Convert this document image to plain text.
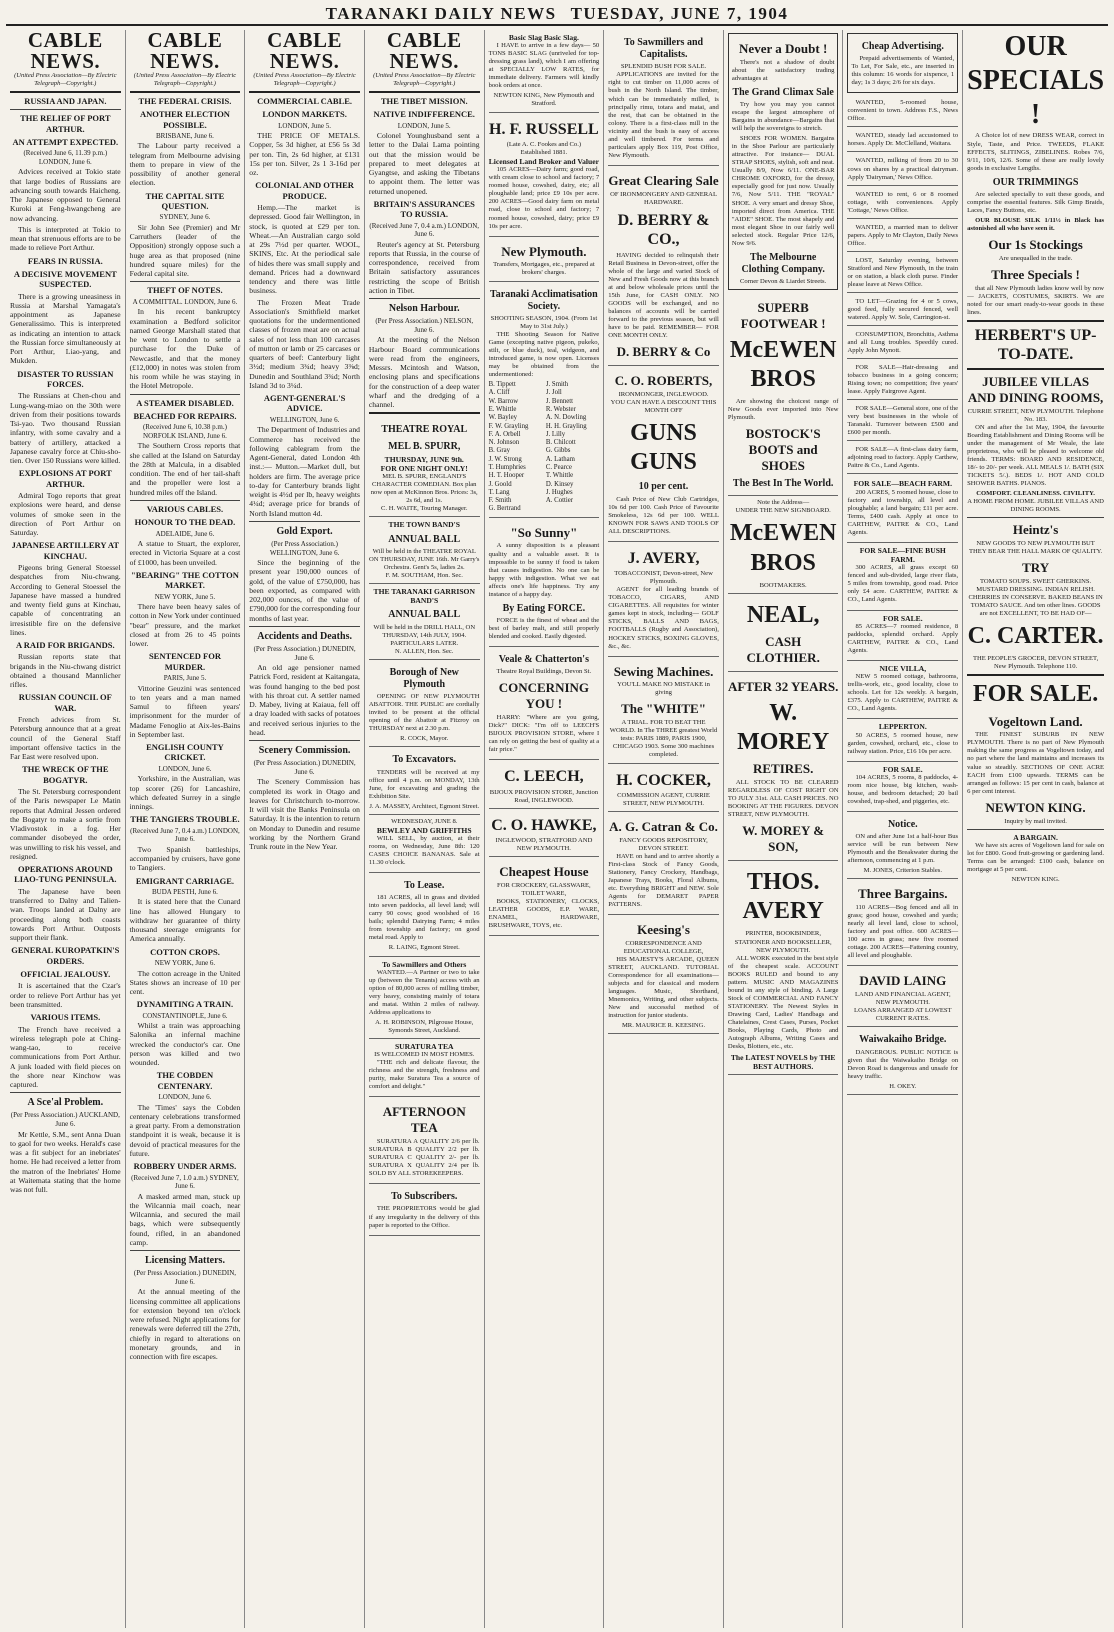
TARANAKI DAILY NEWS TUESDAY, JUNE 7, 1904
CABLE NEWS.
(United Press Association—By Electric Telegraph—Copyright.)
RUSSIA AND JAPAN.
THE RELIEF OF PORT ARTHUR.
AN ATTEMPT EXPECTED.
(Received June 6, 11.39 p.m.) LONDON, June 6.

Advices received at Tokio state that large bodies of Russians are advancing south towards Haicheng. The Japanese opposed to General Kuroki at Feng-hwangcheng are now advancing.

This is interpreted at Tokio to mean that strenuous efforts are to be made to relieve Port Arthur.

FEARS IN RUSSIA.
A DECISIVE MOVEMENT SUSPECTED.

There is a growing uneasiness in Russia at Marshal Yamagata's appointment as Japanese Generalissimo. This is interpreted as indicating an intention to attack the Russian force simultaneously at Port Arthur, Liao-yang, and Mukden.

DISASTER TO RUSSIAN FORCES.

The Russians at Chen-chou and Lung-wang-miao on the 30th were driven from their positions towards Tsi-yao. Two thousand Russian infantry, with some cavalry and a battery of artillery, attacked a Japanese cavalry force at Chiu-sho-tien. Over 150 Russians were killed.

EXPLOSIONS AT PORT ARTHUR.

Admiral Togo reports that great explosions were heard, and dense volumes of smoke seen in the direction of Port Arthur on Saturday.

JAPANESE ARTILLERY AT KINCHAU.

Pigeons bring General Stoessel despatches from Niu-chwang. According to General Stoessel the Japanese have massed a hundred and twenty field guns at Kinchau, capable of concentrating an irresistible fire on the defensive lines.

A RAID FOR BRIGANDS.

Russian reports state that brigands in the Niu-chwang district obtained a thousand Mannlicher rifles.

RUSSIAN COUNCIL OF WAR.

French advices from St. Petersburg announce that at a great council of the General Staff important offensive tactics in the Far East were resolved upon.

THE WRECK OF THE BOGATYR.

The St. Petersburg correspondent of the Paris newspaper Le Matin reports that Admiral Jessen ordered the Bogatyr to make a sortie from Vladivostok in a fog. Her commander disobeyed the order, was unwilling to risk his vessel, and resigned.

OPERATIONS AROUND LIAO-TUNG PENINSULA.

The Japanese have been transferred to Dalny and Talien-wan. Troops landed at Dalny are proceeding along both coasts towards Port Arthur. Outposts support their flank.

GENERAL KUROPATKIN'S ORDERS.
OFFICIAL JEALOUSY.

It is ascertained that the Czar's order to relieve Port Arthur has yet been transmitted.

VARIOUS ITEMS.

The French have received a wireless telegraph pole at Ching-wang-tao, to receive communications from Port Arthur. A junk loaded with field pieces on the shore near Kinchow was captured.

A Sce'al Problem.
(Per Press Association.) AUCKLAND, June 6.

Mr Kettle, S.M., sent Anna Duan to gaol for two weeks. Herald's case was a fit subject for an inebriates' home. He had received a letter from the matron of the Inebriates' Home at Waitemata stating that the home was not full.

CABLE NEWS.
(United Press Association—By Electric Telegraph—Copyright.)
THE FEDERAL CRISIS.
ANOTHER ELECTION POSSIBLE.
BRISBANE, June 6.

The Labour party received a telegram from Melbourne advising them to prepare in view of the possibility of another general election.

THE CAPITAL SITE QUESTION.
SYDNEY, June 6.

Sir John See (Premier) and Mr Carruthers (leader of the Opposition) strongly oppose such a huge area as that proposed (nine hundred square miles) for the Federal capital site.

THEFT OF NOTES.
A COMMITTAL. LONDON, June 6.

In his recent bankruptcy examination a Bedford solicitor named George Marshall stated that he went to London to settle a purchase for the Duke of Newcastle, and that the money (£12,000) in notes was stolen from his room while he was staying in the Hotel Metropole.

A STEAMER DISABLED.
BEACHED FOR REPAIRS.
(Received June 6, 10.38 p.m.) NORFOLK ISLAND, June 6.

The Southern Cross reports that she called at the Island on Saturday the 28th at Malcula, in a disabled condition. The end of her tail-shaft and the propeller were lost a hundred miles off the Island.

VARIOUS CABLES.
HONOUR TO THE DEAD.
ADELAIDE, June 6.

A statue to Stuart, the explorer, erected in Victoria Square at a cost of £1000, has been unveiled.

"BEARING" THE COTTON MARKET.
NEW YORK, June 5.

There have been heavy sales of cotton in New York under continued "bear" pressure, and the market closed at from 26 to 45 points lower.

SENTENCED FOR MURDER.
PARIS, June 5.

Vittorine Geuzini was sentenced to ten years and a man named Samul to fifteen years' imprisonment for the murder of Madame Fenoglio at Aix-les-Bains in September last.

ENGLISH COUNTY CRICKET.
LONDON, June 6.

Yorkshire, in the Australian, was top scorer (26) for Lancashire, which defeated Surrey in a single innings.

THE TANGIERS TROUBLE.
(Received June 7, 0.4 a.m.) LONDON, June 6.

Two Spanish battleships, accompanied by cruisers, have gone to Tangiers.

EMIGRANT CARRIAGE.
BUDA PESTH, June 6.

It is stated here that the Cunard line has allowed Hungary to withdraw her guarantee of thirty thousand steerage emigrants for America annually.

COTTON CROPS.
NEW YORK, June 6.

The cotton acreage in the United States shows an increase of 10 per cent.

DYNAMITING A TRAIN.
CONSTANTINOPLE, June 6.

Whilst a train was approaching Salonika an infernal machine wrecked the conductor's car. One person was killed and two wounded.

THE COBDEN CENTENARY.
LONDON, June 6.

The 'Times' says the Cobden centenary celebrations transformed a great party. From a demonstration standpoint it is weak, because it is devoid of practical measures for the future.

ROBBERY UNDER ARMS.
(Received June 7, 1.0 a.m.) SYDNEY, June 6.

A masked armed man, stuck up the Wilcannia mail coach, near Wilcannia, and secured the mail bags, which were subsequently found, rifled, in an abandoned camp.

Licensing Matters.
(Per Press Association.) DUNEDIN, June 6.

At the annual meeting of the licensing committee all applications for extension beyond ten o'clock were refused. Night applications for renewals were deferred till the 27th, chiefly in regard to alterations on monetary grounds, and in connection with fire escapes.

CABLE NEWS.
(United Press Association—By Electric Telegraph—Copyright.)
COMMERCIAL CABLE.
LONDON MARKETS.
LONDON, June 5.

THE PRICE OF METALS. Copper, 5s 3d higher, at £56 5s 3d per ton. Tin, 2s 6d higher, at £131 15s per ton. Silver, 2s 1 3-16d per oz.

COLONIAL AND OTHER PRODUCE.

Hemp.—The market is depressed. Good fair Wellington, in stock, is quoted at £29 per ton. Wheat.—An Australian cargo sold at 29s 7½d per quarter. WOOL, SKINS, Etc. At the periodical sale of hides there was small supply and demand. Prices had a downward tendency and there was little business.

The Frozen Meat Trade Association's Smithfield market quotations for the undermentioned classes of frozen meat are on actual sales of not less than 100 carcases of mutton or lamb or 25 carcases or quarters of beef: Canterbury light 3½d; medium 3¾d; heavy 3⅜d; Dunedin and Southland 3¾d; North Island 3d to 3¼d.

AGENT-GENERAL'S ADVICE.
WELLINGTON, June 6.

The Department of Industries and Commerce has received the following cablegram from the Agent-General, dated London 4th inst.:— Mutton.—Market dull, but holders are firm. The average price to-day for Canterbury brands light weight is 4½d per lb, heavy weights 4¼d; average price for brands of North Island mutton 4d.

Gold Export.
(Per Press Association.) WELLINGTON, June 6.

Since the beginning of the present year 190,000 ounces of gold, of the value of £750,000, has been exported, as compared with 202,000 ounces, of the value of £790,000 for the corresponding four months of last year.

Accidents and Deaths.
(Per Press Association.) DUNEDIN, June 6.

An old age pensioner named Patrick Ford, resident at Kaitangata, was found hanging to the bed post with his throat cut. A settler named D. Mabey, living at Kaiaua, fell off a dray loaded with sacks of potatoes and received serious injuries to the head.

Scenery Commission.
(Per Press Association.) DUNEDIN, June 6.

The Scenery Commission has completed its work in Otago and leaves for Christchurch to-morrow. It will visit the Banks Peninsula on Saturday. It is the intention to return on Monday to Dunedin and resume working by the Northern Grand Trunk route in the New Year.

CABLE NEWS.
(United Press Association—By Electric Telegraph—Copyright.)
THE TIBET MISSION.
NATIVE INDIFFERENCE.
LONDON, June 5.

Colonel Younghusband sent a letter to the Dalai Lama pointing out that the mission would be prepared to meet delegates at Gyangtse, and asking the Tibetans to appoint them. The letter was returned unopened.

BRITAIN'S ASSURANCES TO RUSSIA.
(Received June 7, 0.4 a.m.) LONDON, June 6.

Reuter's agency at St. Petersburg reports that Russia, in the course of correspondence, received from Britain satisfactory assurances restricting the scope of British action in Tibet.

Nelson Harbour.
(Per Press Association.) NELSON, June 6.

At the meeting of the Nelson Harbour Board communications were read from the engineers, Messrs. Mcintosh and Watson, enclosing plans and specifications for the construction of a deep water wharf and the dredging of a channel.

THEATRE ROYAL
MEL B. SPURR,
THURSDAY, JUNE 9th.
FOR ONE NIGHT ONLY!
MEL B. SPURR, ENGLAND'S CHARACTER COMEDIAN. Box plan now open at McKinnon Bros. Prices: 3s, 2s 6d, and 1s.
C. H. WAITE, Touring Manager.
THE TOWN BAND'S
ANNUAL BALL
Will be held in the THEATRE ROYAL ON THURSDAY, JUNE 16th. Mr Garry's Orchestra. Gent's 5s, ladies 2s.
F. M. SOUTHAM, Hon. Sec.
THE TARANAKI GARRISON BAND'S
ANNUAL BALL
Will be held in the DRILL HALL, ON THURSDAY, 14th JULY, 1904. PARTICULARS LATER.
N. ALLEN, Hon. Sec.
Borough of New Plymouth

OPENING OF NEW PLYMOUTH ABATTOIR. THE PUBLIC are cordially invited to be present at the official opening of the Abattoir at Fitzroy on THURSDAY next at 2.30 p.m.

R. COCK, Mayor.
To Excavators.

TENDERS will be received at my office until 4 p.m. on MONDAY, 13th June, for excavating and grading the Exhibition Site.

J. A. MASSEY, Architect, Egmont Street.
WEDNESDAY, JUNE 8.
BEWLEY AND GRIFFITHS

WILL SELL, by auction, at their rooms, on Wednesday, June 8th: 120 CASES CHOICE BANANAS. Sale at 11.30 o'clock.

To Lease.

181 ACRES, all in grass and divided into seven paddocks, all level land; will carry 90 cows; good woolshed of 16 bails; splendid Dairying Farm; 4 miles from township and factory; on good metal road. Apply to

R. LAING, Egmont Street.
To Sawmillers and Others

WANTED.—A Partner or two to take up (between the Tenants) access with an option of 80,000 acres of milling timber, very heavy, consisting mainly of totara and matai. Within 2 miles of railway. Address applications to

A. H. ROBINSON, Pilgrouse House, Symonds Street, Auckland.
SURATURA TEA
IS WELCOMED IN MOST HOMES.

"THE rich and delicate flavour, the richness and the strength, freshness and purity, make Suratura Tea a source of comfort and delight."

AFTERNOON TEA

SURATURA A QUALITY 2/6 per lb. SURATURA B QUALITY 2/2 per lb. SURATURA C QUALITY 2/- per lb. SURATURA X QUALITY 2/4 per lb. SOLD BY ALL STOREKEEPERS.

To Subscribers.

THE PROPRIETORS would be glad if any irregularity in the delivery of this paper is reported to the Office.

Basic Slag Basic Slag.

I HAVE to arrive in a few days— 50 TONS BASIC SLAG (unriveled for top-dressing grass land), which I am offering at SPECIALLY LOW RATES, for immediate delivery. Farmers will kindly book orders at once.

NEWTON KING, New Plymouth and Stratford.
H. F. RUSSELL
(Late A. C. Fookes and Co.)
Established 1881.
Licensed Land Broker and Valuer

105 ACRES—Dairy farm; good road, with cream close to school and factory; 7 roomed house, cowshed, dairy, etc; all ploughable land; price £9 10s per acre. 200 ACRES—Good dairy farm on metal road, close to school and factory; 7 roomed house, cowshed, dairy; price £9 10s per acre.

New Plymouth.
Transfers, Mortgages, etc., prepared at brokers' charges.
Taranaki Acclimatisation Society.
SHOOTING SEASON, 1904. (From 1st May to 31st July.)

THE Shooting Season for Native Game (excepting native pigeon, pukeko, stilt, or blue duck), teal, widgeon, and introduced game, is now open. Licenses may be obtained from the undermentioned:

B. Tippett
A. Cliff
W. Barrow
E. Whittle
W. Bayley
F. W. Grayling
F. A. Orbell
N. Johnson
B. Gray
J. W. Strong
T. Humphries
H. T. Hooper
J. Goold
T. Lang
F. Smith
G. Bertrand
J. Smith
J. Joll
J. Bennett
R. Webster
A. N. Dowling
H. H. Grayling
J. Lilly
B. Chilcott
G. Gibbs
A. Latham
C. Pearce
T. Whittle
D. Kinsey
J. Hughes
A. Cottier
"So Sunny"

A sunny disposition is a pleasant quality and a valuable asset. It is impossible to be sunny if food is taken that causes indigestion. No one can be happy with indigestion. What we eat affects one's life happiness. Try any instance of a happy day.

By Eating FORCE.

FORCE is the finest of wheat and the best of barley malt, and still properly blended and cooked. Easily digested.

Veale & Chatterton's
Theatre Royal Buildings, Devon St.
CONCERNING YOU !

HARRY: "Where are you going, Dick?" DICK: "I'm off to LEECH'S BIJOUX PROVISION STORE, where I can rely on getting the best of quality at a fair price."

C. LEECH,
BIJOUX PROVISION STORE, Junction Road, INGLEWOOD.
C. O. HAWKE,
INGLEWOOD, STRATFORD AND NEW PLYMOUTH.
Cheapest House
FOR CROCKERY, GLASSWARE, TOILET WARE,

BOOKS, STATIONERY, CLOCKS, LEATHER GOODS, E.P. WARE, ENAMEL, HARDWARE, BRUSHWARE, TOYS, etc.

To Sawmillers and Capitalists.
SPLENDID BUSH FOR SALE.

APPLICATIONS are invited for the right to cut timber on 11,000 acres of bush in the North Island. The timber, which can be immediately milled, is principally rimu, totara and matai, and the rest, that can be obtained in the colony. There is a first-class mill in the vicinity and the bush is easy of access and well timbered. For terms and particulars apply Box 119, Post Office, New Plymouth.

Great Clearing Sale
OF IRONMONGERY AND GENERAL HARDWARE.
D. BERRY & CO.,

HAVING decided to relinquish their Retail Business in Devon-street, offer the whole of the large and varied Stock of New and Fresh Goods now at this branch at and below wholesale prices until the 15th June, for CASH ONLY. NO GOODS will be exchanged, and no balances of accounts will be carried forward to the previous season, but will have to be paid. REMEMBER— FOR ONE MONTH ONLY.

D. BERRY & Co
C. O. ROBERTS,
IRONMONGER, INGLEWOOD.
YOU CAN HAVE A DISCOUNT THIS MONTH OFF
GUNS GUNS
10 per cent.

Cash Price of New Club Cartridges, 10s 6d per 100. Cash Price of Favourite Smokeless, 12s 6d per 100. WELL KNOWN FOR SAWS AND TOOLS OF ALL DESCRIPTIONS.

J. AVERY,
TOBACCONIST, Devon-street, New Plymouth.

AGENT for all leading brands of TOBACCO, CIGARS, AND CIGARETTES. All requisites for winter games kept in stock, including— GOLF STICKS, BALLS AND BAGS, FOOTBALLS (Rugby and Association), HOCKEY STICKS, BOXING GLOVES, &c., &c.

Sewing Machines.
YOU'LL MAKE NO MISTAKE in giving
The "WHITE"
A TRIAL. FOR TO BEAT THE WORLD. In The THREE greatest World tests: PARIS 1889, PARIS 1900, CHICAGO 1903. Some 300 machines completed.
H. COCKER,
COMMISSION AGENT, CURRIE STREET, NEW PLYMOUTH.
A. G. Catran & Co.
FANCY GOODS REPOSITORY, DEVON STREET.

HAVE on hand and to arrive shortly a First-class Stock of Fancy Goods, Stationery, Fancy Crockery, Handbags, Japanese Trays, Books, Floral Albums, etc. Everything BRIGHT and NEW. Sole Agents for DEMARET PAPER PATTERNS.

Keesing's
CORRESPONDENCE AND EDUCATIONAL COLLEGE,

HIS MAJESTY'S ARCADE, QUEEN STREET, AUCKLAND. TUTORIAL Correspondence for all examinations—subjects and for classical and modern languages. Music, Shorthand, Mnemonics, Writing, and other subjects. New and successful method of instruction for junior students.

MR. MAURICE R. KEESING.
Never a Doubt !

There's not a shadow of doubt about the satisfactory trading advantages at

The Grand Climax Sale

Try how you may you cannot escape the largest atmosphere of Bargains in abundance—Bargains that will help the sovereigns to stretch.

SHOES FOR WOMEN. Bargains in the Shoe Parlour are particularly attractive. For instance— DUAL STRAP SHOES, stylish, soft and neat. Usually 8/9, Now 6/11. ONE-BAR CHROME OXFORD, for the dressy, especially good for just now. Usually 7/6, Now 5/11. THE "ROYAL" SHOE. A very smart and dressy Shoe, imported direct from America. THE "AIDE" SHOE. The most shapely and most elegant Shoe in our fairly well selected stock. Regular Price 12/6, Now 9/6.

The Melbourne Clothing Company.
Corner Devon & Liardet Streets.
SUPERB FOOTWEAR !
McEWEN BROS

Are showing the choicest range of New Goods ever imported into New Plymouth.

BOSTOCK'S BOOTS and SHOES
The Best In The World.
Note the Address—
UNDER THE NEW SIGNBOARD.
McEWEN BROS
BOOTMAKERS.
NEAL,
CASH CLOTHIER.
AFTER 32 YEARS.
W. MOREY
RETIRES.

ALL STOCK TO BE CLEARED REGARDLESS OF COST RIGHT ON TO JULY 31st. ALL CASH PRICES. NO BOOKING AT THE FIGURES. DEVON STREET, NEW PLYMOUTH.

W. MOREY & SON,
THOS. AVERY
PRINTER, BOOKBINDER, STATIONER AND BOOKSELLER, NEW PLYMOUTH.

ALL WORK executed in the best style of the cheapest scale. ACCOUNT BOOKS RULED and bound to any pattern. MUSIC AND MAGAZINES bound in any style of binding. A Large Stock of COMMERCIAL AND FANCY STATIONERY. The Newest Styles in Drawing Card, Ladies' Handbags and Chatelaines, Crest Cases, Purses, Pocket Books, Playing Cards, Photo and Autograph Albums, Writing Cases and Desks, Blotters, etc., etc.

The LATEST NOVELS by THE BEST AUTHORS.
Cheap Advertising.

Prepaid advertisements of Wanted, To Let, For Sale, etc., are inserted in this column: 16 words for sixpence, 1 day; 1s 3 days; 2/6 for six days.

WANTED, 5-roomed house, convenient to town. Address F.S., News Office.

WANTED, steady lad accustomed to horses. Apply Dr. McClelland, Waitara.

WANTED, milking of from 20 to 30 cows on shares by a practical dairyman. Apply 'Dairyman,' News Office.

WANTED to rent, 6 or 8 roomed cottage, with conveniences. Apply 'Cottage,' News Office.

WANTED, a married man to deliver papers. Apply to Mr Clayton, Daily News Office.

LOST, Saturday evening, between Stratford and New Plymouth, in the train or on station, a black cloth purse. Finder please leave at News Office.

TO LET—Grazing for 4 or 5 cows, good feed, fully secured fenced, well watered. Apply W. Sole, Carrington-st.

CONSUMPTION, Bronchitis, Asthma and all Lung troubles. Speedily cured. Apply John Mynott.

FOR SALE—Hair-dressing and tobacco business in a going concern; Rising town; no competition; five years' lease. Apply Fairgrove Agent.

FOR SALE—General store, one of the very best businesses in the whole of Taranaki. Turnover between £500 and £600 per month.

FOR SALE—A first-class dairy farm, adjoining road to factory. Apply Carthew, Paitre & Co., Land Agents.

FOR SALE—BEACH FARM.

200 ACRES, 5 roomed house, close to factory and township, all level and ploughable; a land bargain; £11 per acre. Terms, £400 cash. Apply at once to CARTHEW, PAITRE & CO., Land Agents.

FOR SALE—FINE BUSH FARM.

300 ACRES, all grass except 60 fenced and sub-divided, large river flats, 5 miles from township, good road. Price only £4 acre. CARTHEW, PAITRE & CO., Land Agents.

FOR SALE.

85 ACRES—7 roomed residence, 8 paddocks, splendid orchard. Apply CARTHEW, PAITRE & CO., Land Agents.

NICE VILLA,

NEW 5 roomed cottage, bathrooms, trellis-work, etc., good locality, close to schools. Let for 12s weekly. A bargain, £375. Apply to CARTHEW, PAITRE & CO., Land Agents.

LEPPERTON.

50 ACRES, 5 roomed house, new garden, cowshed, orchard, etc., close to railway station. Price, £16 10s per acre.

FOR SALE.

104 ACRES, 5 rooms, 8 paddocks, 4-room nice house, big kitchen, wash-house, and bedroom detached; 20 bail cowshed, trap-shed, and piggeries, etc.

Notice.

ON and after June 1st a half-hour Bus service will be run between New Plymouth and the Breakwater during the afternoon, commencing at 1 p.m.

M. JONES, Criterion Stables.
Three Bargains.

110 ACRES—Bog fenced and all in grass; good house, cowshed and yards; nearly all level land, close to school, factory and post office. 600 ACRES—100 acres in grass; new five roomed cottage. 200 ACRES—Fattening country, all level and ploughable.

DAVID LAING
LAND AND FINANCIAL AGENT, NEW PLYMOUTH.
LOANS ARRANGED AT LOWEST CURRENT RATES.
Waiwakaiho Bridge.

DANGEROUS. PUBLIC NOTICE is given that the Waiwakaiho Bridge on Devon Road is dangerous and unsafe for heavy traffic.

H. OKEY.
OUR SPECIALS !

A Choice lot of new DRESS WEAR, correct in Style, Taste, and Price. TWEEDS, FLAKE EFFECTS, SLITINGS, ZIBELINES. Robes 7/6, 9/11, 10/6, 12/6. Some of these are really lovely goods in exclusive Lengths.

OUR TRIMMINGS

Are selected specially to suit these goods, and comprise the essential features. Silk Gimp Braids, Laces, Fancy Buttons, etc.

OUR BLOUSE SILK 1/11½ in Black has astonished all who have seen it.

Our 1s Stockings
Are unequalled in the trade.
Three Specials !

that all New Plymouth ladies know well by now— JACKETS, COSTUMES, SKIRTS. We are noted for our smart ready-to-wear goods in these lines.

HERBERT'S UP-TO-DATE.
JUBILEE VILLAS AND DINING ROOMS,
CURRIE STREET, NEW PLYMOUTH. Telephone No. 183.

ON and after the 1st May, 1904, the favourite Boarding Establishment and Dining Rooms will be under the management of Mr Weale, the late proprietress, who will be pleased to welcome old friends. TERMS: BOARD AND RESIDENCE, 18/- to 20/- per week. ALL MEALS 1/. BATH (SIX TICKETS 5/.). BEDS 1/. HOT AND COLD SHOWER BATHS. PIANOS.

COMFORT. CLEANLINESS. CIVILITY.
A HOME FROM HOME. JUBILEE VILLAS AND DINING ROOMS.
Heintz's
NEW GOODS TO NEW PLYMOUTH BUT THEY BEAR THE HALL MARK OF QUALITY.
TRY
TOMATO SOUPS. SWEET GHERKINS. MUSTARD DRESSING. INDIAN RELISH. CHERRIES IN CONSERVE. BAKED BEANS IN TOMATO SAUCE. And ten other lines. GOODS are not EXCELLENT, TO BE HAD OF—
C. CARTER.
THE PEOPLE'S GROCER, DEVON STREET, New Plymouth. Telephone 110.
FOR SALE.
Vogeltown Land.

THE FINEST SUBURB IN NEW PLYMOUTH. There is no part of New Plymouth making the same progress as Vogeltown today, and no part where the land maintains and increases its value so steadily. SECTIONS OF ONE ACRE EACH from £100 upwards. TERMS can be arranged as follows: 15 per cent in cash, balance at 6 per cent interest.

NEWTON KING.
Inquiry by mail invited.
A BARGAIN.

We have six acres of Vogeltown land for sale on lot for £800. Good fruit-growing or gardening land. Terms can be arranged: £100 cash, balance on mortgage at 5 per cent.

NEWTON KING.
